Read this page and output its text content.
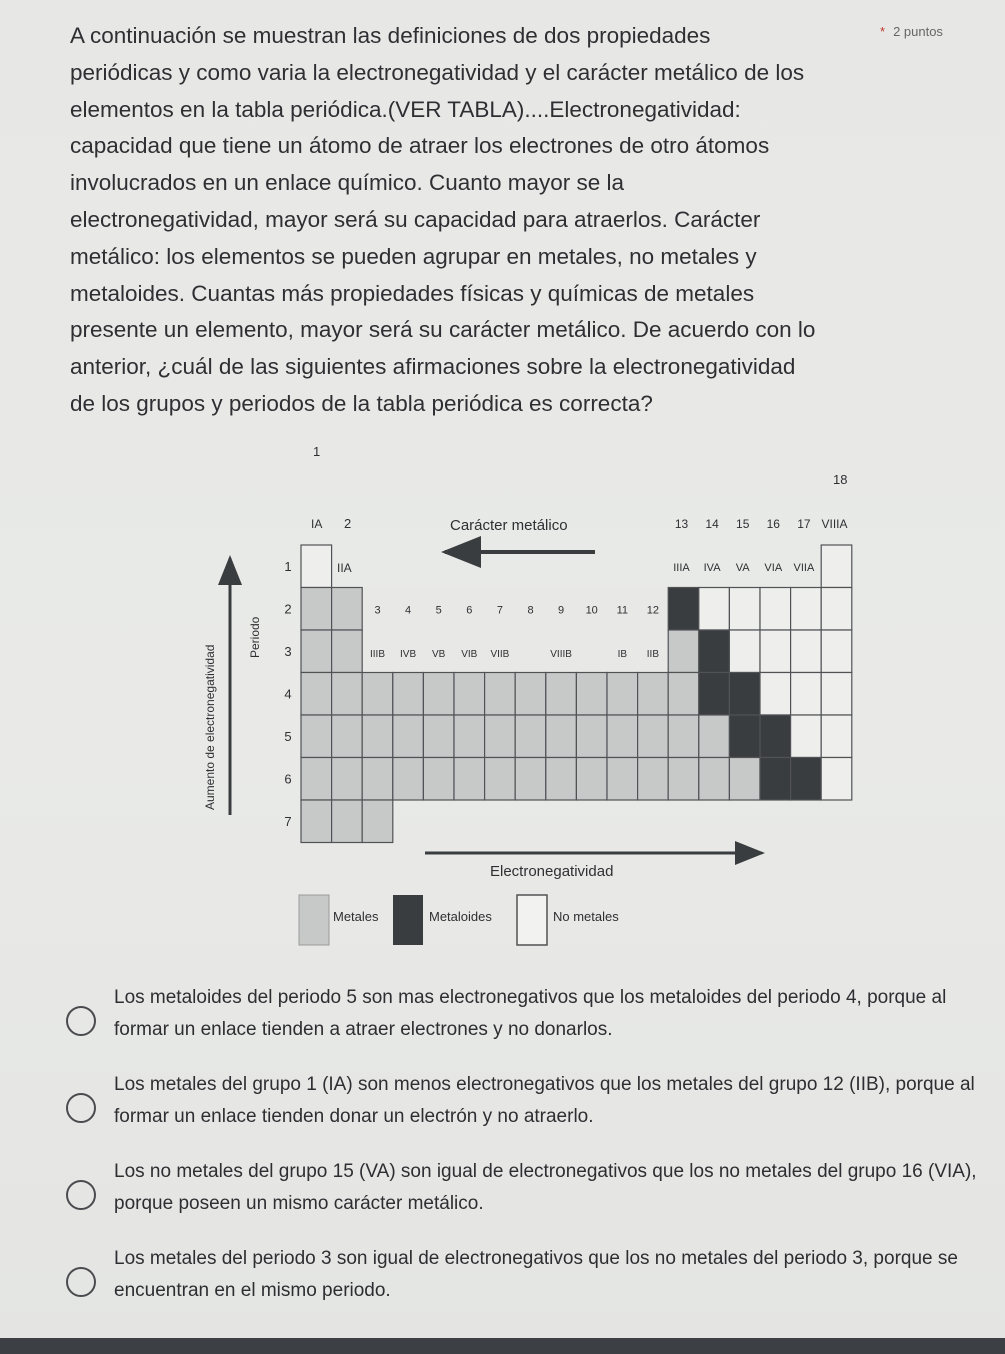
A continuación se muestran las definiciones de dos propiedades

periódicas y como varia la electronegatividad y el carácter metálico de los

elementos en la tabla periódica.(VER TABLA)....Electronegatividad:

capacidad que tiene un átomo de atraer los electrones de otro átomos

involucrados en un enlace químico. Cuanto mayor se la

electronegatividad, mayor será su capacidad para atraerlos. Carácter

metálico: los elementos se pueden agrupar en metales, no metales y

metaloides. Cuantas más propiedades físicas y químicas de metales

presente un elemento, mayor será su carácter metálico. De acuerdo con lo

anterior, ¿cuál de las siguientes afirmaciones sobre la electronegatividad

de los grupos y periodos de la tabla periódica es correcta?

* 2 puntos
1
18
IA 2	Carácter metálico	13 14 15 16 17 VIIIA
IIA	IIIA IVA VA VIA VIIA
1
2
3
4
5
6
7
Periodo
Aumento de electronegatividad
3 4 5 6 7 8 9 10 11 12
IIIB IVB VB VIB VIIB	VIIIB	IB IIB
Electronegatividad
Metales	Metaloides	No metales
Los metaloides del periodo 5 son mas electronegativos que los metaloides del periodo 4, porque al formar un enlace tienden a atraer electrones y no donarlos.
Los metales del grupo 1 (IA) son menos electronegativos que los metales del grupo 12 (IIB), porque al formar un enlace tienden donar un electrón y no atraerlo.
Los no metales del grupo 15 (VA) son igual de electronegativos que los no metales del grupo 16 (VIA), porque poseen un mismo carácter metálico.
Los metales del periodo 3 son igual de electronegativos que los no metales del periodo 3, porque se encuentran en el mismo periodo.
